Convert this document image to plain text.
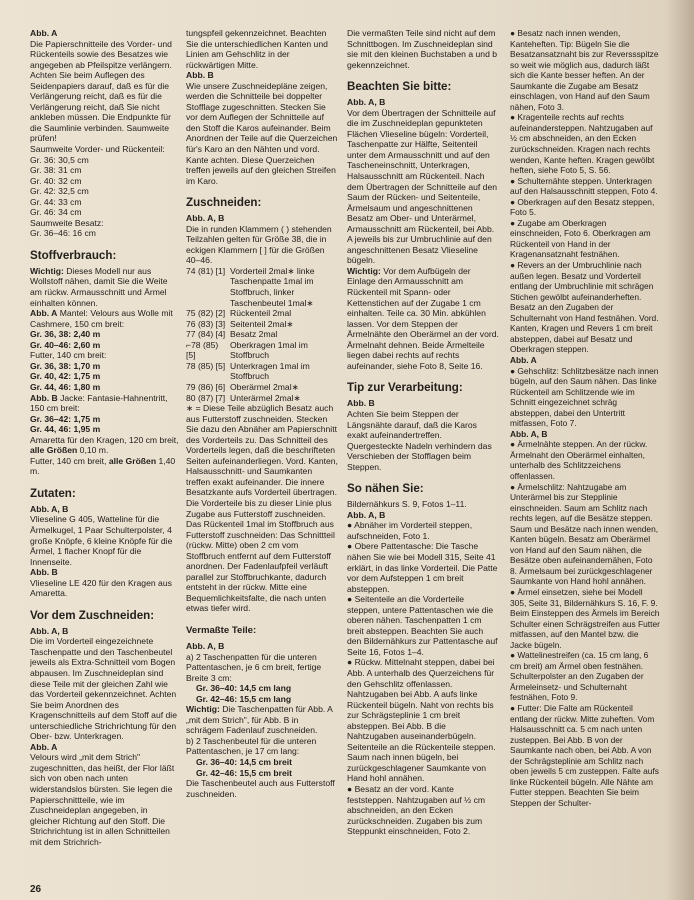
Abb. A

Die Papierschnitteile des Vorder- und Rückenteils sowie des Besatzes wie angegeben ab Pfeilspitze verlängern. Achten Sie beim Auflegen des Seidenpapiers darauf, daß es für die Verlängerung reicht, daß es für die Verlängerung reicht, daß Sie nicht ankleben müssen. Die Endpunkte für die Saumlinie verbinden. Saumweite prüfen!

Saumweite Vorder- und Rückenteil:

Gr. 36: 30,5 cm

Gr. 38: 31 cm

Gr. 40: 32 cm

Gr. 42: 32,5 cm

Gr. 44: 33 cm

Gr. 46: 34 cm

Saumweite Besatz:

Gr. 36–46: 16 cm

Stoffverbrauch:

Wichtig: Dieses Modell nur aus Wollstoff nähen, damit Sie die Weite am rückw. Armausschnitt und Ärmel einhalten können.

Abb. A Mantel: Velours aus Wolle mit Cashmere, 150 cm breit:

Gr. 36, 38: 2,40 m

Gr. 40–46: 2,60 m

Futter, 140 cm breit:

Gr. 36, 38: 1,70 m

Gr. 40, 42: 1,75 m

Gr. 44, 46: 1,80 m

Abb. B Jacke: Fantasie-Hahnentritt, 150 cm breit:

Gr. 36–42: 1,75 m

Gr. 44, 46: 1,95 m

Amaretta für den Kragen, 120 cm breit, alle Größen 0,10 m.

Futter, 140 cm breit, alle Größen 1,40 m.

Zutaten:

Abb. A, B

Vlieseline G 405, Watteline für die Ärmelkugel, 1 Paar Schulterpolster, 4 große Knöpfe, 6 kleine Knöpfe für die Ärmel, 1 flacher Knopf für die Innenseite.

Abb. B

Vlieseline LE 420 für den Kragen aus Amaretta.

Vor dem Zuschneiden:

Abb. A, B

Die im Vorderteil eingezeichnete Taschenpatte und den Taschenbeutel jeweils als Extra-Schnitteil vom Bogen abpausen. Im Zuschneideplan sind diese Teile mit der gleichen Zahl wie das Vorderteil gekennzeichnet. Achten Sie beim Anordnen des Kragenschnitteils auf dem Stoff auf die unterschiedliche Strichrichtung für den Ober- bzw. Unterkragen.

Abb. A

Velours wird „mit dem Strich" zugeschnitten, das heißt, der Flor läßt sich von oben nach unten widerstandslos bürsten. Sie legen die Papierschnittteile, wie im Zuschneideplan angegeben, in gleicher Richtung auf den Stoff. Die Strichrichtung ist in allen Schnitteilen mit dem Strichrich-

tungspfeil gekennzeichnet. Beachten Sie die unterschiedlichen Kanten und Linien am Gehschlitz in der rückwärtigen Mitte.

Abb. B

Wie unsere Zuschneidepläne zeigen, werden die Schnitteile bei doppelter Stofflage zugeschnitten. Stecken Sie vor dem Auflegen der Schnitteile auf den Stoff die Karos aufeinander. Beim Anordnen der Teile auf die Querzeichen für's Karo an den Nähten und vord. Kante achten. Diese Querzeichen treffen jeweils auf den gleichen Streifen im Karo.

Zuschneiden:

Abb. A, B

Die in runden Klammern ( ) stehenden Teilzahlen gelten für Größe 38, die in eckigen Klammern [ ] für die Größen 40–46.

74 (81) [1] Vorderteil 2mal∗ linke Taschenpatte 1mal im Stoffbruch, linker Taschenbeutel 1mal∗
75 (82) [2] Rückenteil 2mal
76 (83) [3] Seitenteil 2mal∗
77 (84) [4] Besatz 2mal
⌐78 (85) [5]
Oberkragen 1mal im Stoffbruch
78 (85) [5] Unterkragen 1mal im Stoffbruch
79 (86) [6] Oberärmel 2mal∗
80 (87) [7] Unterärmel 2mal∗

∗ = Diese Teile abzüglich Besatz auch aus Futterstoff zuschneiden. Stecken Sie dazu den Abnäher am Papierschnitt des Vorderteils zu. Das Schnitteil des Vorderteils legen, daß die beschrifteten Seiten aufeinanderliegen. Vord. Kanten, Halsausschnitt- und Saumkanten treffen exakt aufeinander. Die innere Besatzkante aufs Vorderteil übertragen. Die Vorderteile bis zu dieser Linie plus Zugabe aus Futterstoff zuschneiden. Das Rückenteil 1mal im Stoffbruch aus Futterstoff zuschneiden: Das Schnittteil (rückw. Mitte) oben 2 cm vom Stoffbruch entfernt auf dem Futterstoff anordnen. Der Fadenlaufpfeil verläuft parallel zur Stoffbruchkante, dadurch entsteht in der rückw. Mitte eine Bequemlichkeitsfalte, die nach unten etwas tiefer wird.

Vermaßte Teile:

Abb. A, B

a) 2 Taschenpatten für die unteren Pattentaschen, je 6 cm breit, fertige Breite 3 cm:

Gr. 36–40: 14,5 cm lang

Gr. 42–46: 15,5 cm lang

Wichtig: Die Taschenpatten für Abb. A „mit dem Strich", für Abb. B in schrägem Fadenlauf zuschneiden.

b) 2 Taschenbeutel für die unteren Pattentaschen, je 17 cm lang:

Gr. 36–40: 14,5 cm breit

Gr. 42–46: 15,5 cm breit

Die Taschenbeutel auch aus Futterstoff zuschneiden.

Die vermaßten Teile sind nicht auf dem Schnittbogen. Im Zuschneideplan sind sie mit den kleinen Buchstaben a und b gekennzeichnet.

Beachten Sie bitte:

Abb. A, B

Vor dem Übertragen der Schnitteile auf die im Zuschneideplan gepunkteten Flächen Vlieseline bügeln: Vorderteil, Taschenpatte zur Hälfte, Seitenteil unter dem Armausschnitt und auf den Tascheneinschnitt, Unterkragen, Halsausschnitt am Rückenteil. Nach dem Übertragen der Schnitteile auf den Saum der Rücken- und Seitenteile, Ärmelsaum und angeschnittenen Besatz am Ober- und Unterärmel, Armausschnitt am Rückenteil, bei Abb. A jeweils bis zur Umbruchlinie auf den angeschnittenen Besatz Vlieseline bügeln.

Wichtig: Vor dem Aufbügeln der Einlage den Armausschnitt am Rückenteil mit Spann- oder Kettenstichen auf der Zugabe 1 cm einhalten. Teile ca. 30 Min. abkühlen lassen. Vor dem Steppen der Ärmelnähte den Oberärmel an der vord. Ärmelnaht dehnen. Beide Ärmelteile liegen dabei rechts auf rechts aufeinander, siehe Foto 8, Seite 16.

Tip zur Verarbeitung:

Abb. B

Achten Sie beim Steppen der Längsnähte darauf, daß die Karos exakt aufeinandertreffen. Quergesteckte Nadeln verhindern das Verschieben der Stofflagen beim Steppen.

So nähen Sie:

Bildernähkurs S. 9, Fotos 1–11.

Abb. A, B

● Abnäher im Vorderteil steppen, aufschneiden, Foto 1.

● Obere Pattentasche: Die Tasche nähen Sie wie bei Modell 315, Seite 41 erklärt, in das linke Vorderteil. Die Patte vor dem Aufsteppen 1 cm breit absteppen.

● Seitenteile an die Vorderteile steppen, untere Pattentaschen wie die oberen nähen. Taschenpatten 1 cm breit absteppen. Beachten Sie auch den Bildernähkurs zur Pattentasche auf Seite 16, Fotos 1–4.

● Rückw. Mittelnaht steppen, dabei bei Abb. A unterhalb des Querzeichens für den Gehschlitz offenlassen. Nahtzugaben bei Abb. A aufs linke Rückenteil bügeln. Naht von rechts bis zur Schrägsteplinie 1 cm breit absteppen. Bei Abb. B die Nahtzugaben auseinanderbügeln. Seitenteile an die Rückenteile steppen. Saum nach innen bügeln, bei zurückgeschlagener Saumkante von Hand hohl annähen.

● Besatz an der vord. Kante feststeppen. Nahtzugaben auf ½ cm abschneiden, an den Ecken zurückschneiden. Zugaben bis zum Steppunkt einschneiden, Foto 2.

● Besatz nach innen wenden, Kanteheften. Tip: Bügeln Sie die Besatzansatznaht bis zur Reverssspitze so weit wie möglich aus, dadurch läßt sich die Kante besser heften. An der Saumkante die Zugabe am Besatz einschlagen, von Hand auf den Saum nähen, Foto 3.

● Kragenteile rechts auf rechts aufeinandersteppen. Nahtzugaben auf ½ cm abschneiden, an den Ecken zurückschneiden. Kragen nach rechts wenden, Kante heften. Kragen gewölbt heften, siehe Foto 5, S. 56.

● Schulternähte steppen. Unterkragen auf den Halsausschnitt steppen, Foto 4.

● Oberkragen auf den Besatz steppen, Foto 5.

● Zugabe am Oberkragen einschneiden, Foto 6. Oberkragen am Rückenteil von Hand in der Kragenansatznaht festnähen.

● Revers an der Umbruchlinie nach außen legen. Besatz und Vorderteil entlang der Umbruchlinie mit schrägen Stichen gewölbt aufeinanderheften. Besatz an den Zugaben der Schulternaht von Hand festnähen. Vord. Kanten, Kragen und Revers 1 cm breit absteppen, dabei auf Besatz und Oberkragen steppen.

Abb. A

● Gehschlitz: Schlitzbesätze nach innen bügeln, auf den Saum nähen. Das linke Rückenteil am Schlitzende wie im Schnitt eingezeichnet schräg absteppen, dabei den Untertritt mitfassen, Foto 7.

Abb. A, B

● Ärmelnähte steppen. An der rückw. Ärmelnaht den Oberärmel einhalten, unterhalb des Schlitzzeichens offenlassen.

● Ärmelschlitz: Nahtzugabe am Unterärmel bis zur Stepplinie einschneiden. Saum am Schlitz nach rechts legen, auf die Besätze steppen. Saum und Besätze nach innen wenden, Kanten bügeln. Besatz am Oberärmel von Hand auf den Saum nähen, die Besätze oben aufeinandernähen, Foto 8. Ärmelsaum bei zurückgeschlagener Saumkante von Hand hohl annähen.

● Ärmel einsetzen, siehe bei Modell 305, Seite 31, Bildernähkurs S. 16, F. 9. Beim Einsteppen des Ärmels im Bereich Schulter einen Schrägstreifen aus Futter mitfassen, auf den Mantel bzw. die Jacke bügeln.

● Wattelinestreifen (ca. 15 cm lang, 6 cm breit) am Ärmel oben festnähen. Schulterpolster an den Zugaben der Ärmeleinsetz- und Schulternaht festnähen, Foto 9.

● Futter: Die Falte am Rückenteil entlang der rückw. Mitte zuheften. Vom Halsausschnitt ca. 5 cm nach unten zusteppen. Bei Abb. B von der Saumkante nach oben, bei Abb. A von der Schrägsteplinie am Schlitz nach oben jeweils 5 cm zusteppen. Falte aufs linke Rückenteil bügeln. Alle Nähte am Futter steppen. Beachten Sie beim Steppen der Schulter-

26
